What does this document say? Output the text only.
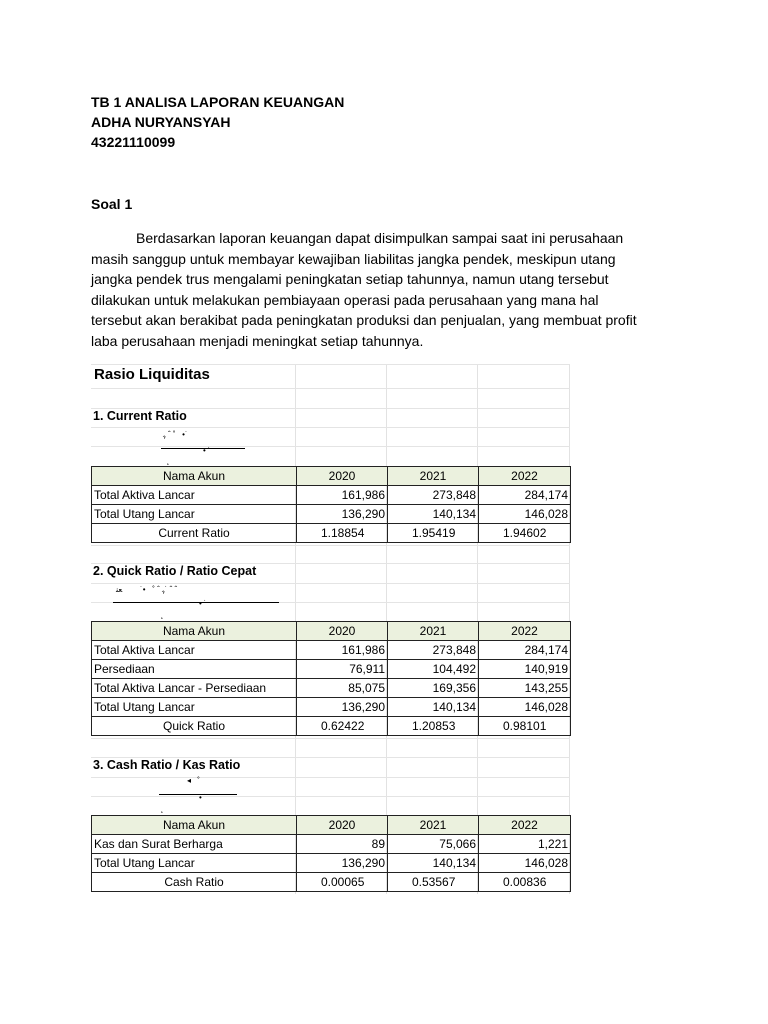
TB 1 ANALISA LAPORAN KEUANGAN
ADHA NURYANSYAH
43221110099
Soal 1
Berdasarkan laporan keuangan dapat disimpulkan sampai saat ini perusahaan
masih sanggup untuk membayar kewajiban liabilitas jangka pendek, meskipun utang
jangka pendek trus mengalami peningkatan setiap tahunnya, namun utang tersebut
dilakukan untuk melakukan pembiayaan operasi pada perusahaan yang mana hal
tersebut akan berakibat pada peningkatan produksi dan penjualan, yang membuat profit
laba perusahaan menjadi meningkat setiap tahunnya.
Rasio Liquiditas
1. Current Ratio
ﮩ ˆ ˚   •˙
•˙
˛
Nama Akun	2020	2021	2022
Total Aktiva Lancar	161,986	273,848	284,174
Total Utang Lancar	136,290	140,134	146,028
Current Ratio	1.18854	1.95419	1.94602
2. Quick Ratio / Ratio Cepat
ﮩ ˆ ˚   •˙        ﻌﻨ˙ ˆ ˆ
•˙
˛
Nama Akun	2020	2021	2022
Total Aktiva Lancar	161,986	273,848	284,174
Persediaan	76,911	104,492	140,919
Total Aktiva Lancar - Persediaan	85,075	169,356	143,255
Total Utang Lancar	136,290	140,134	146,028
Quick Ratio	0.62422	1.20853	0.98101
3. Cash Ratio / Kas Ratio
◂ ˚
•˙
˛
Nama Akun	2020	2021	2022
Kas dan Surat Berharga	89	75,066	1,221
Total Utang Lancar	136,290	140,134	146,028
Cash Ratio	0.00065	0.53567	0.00836
